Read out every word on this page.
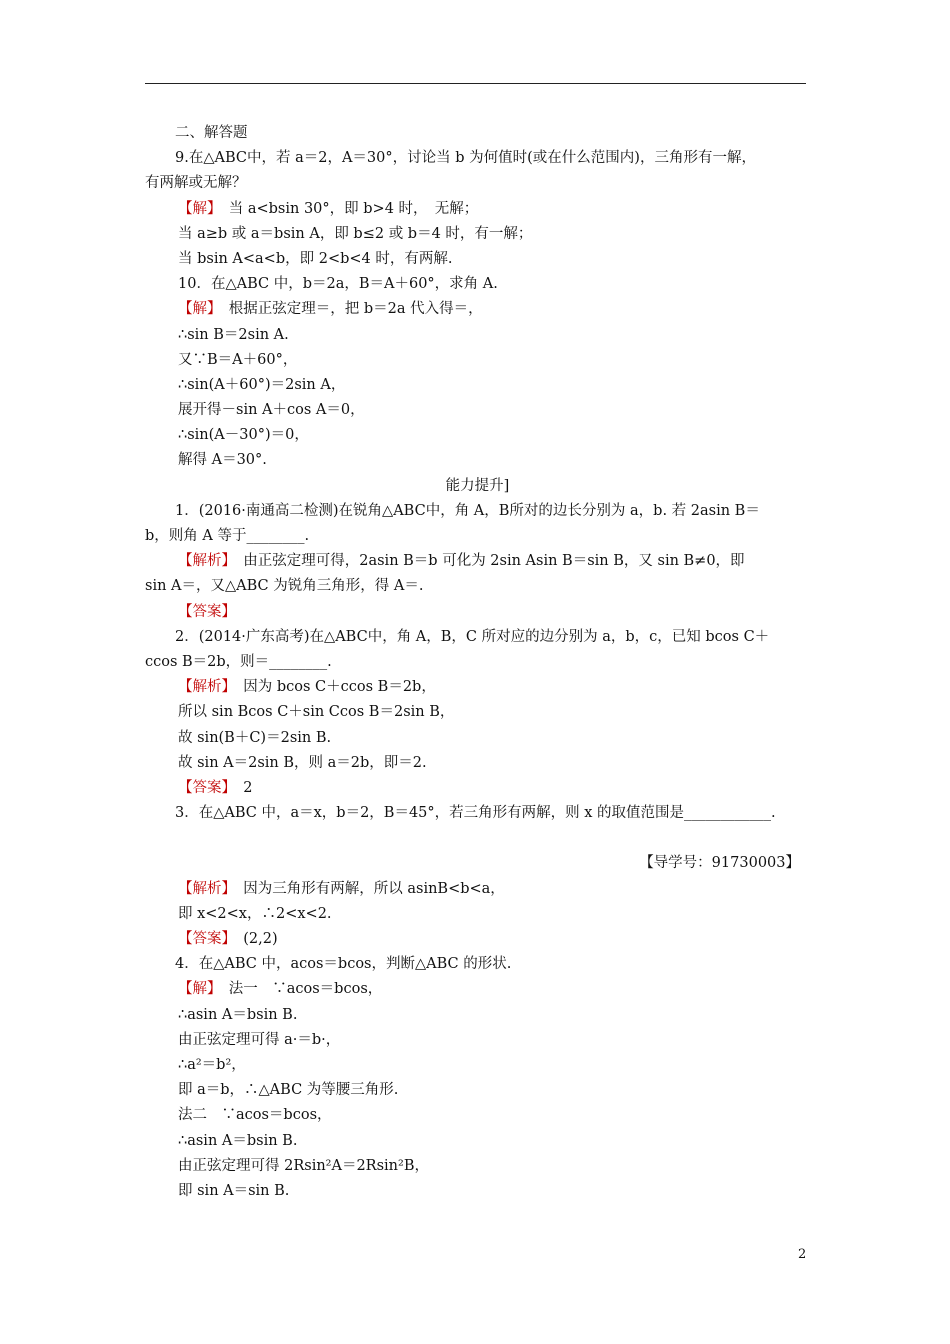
二、解答题
9.在△ABC中，若 a＝2，A＝30°，讨论当 b 为何值时(或在什么范围内)，三角形有一解，
有两解或无解？
【解】　当 a<bsin 30°，即 b>4 时，　无解；
当 a≥b 或 a＝bsin A，即 b≤2 或 b＝4 时，有一解；
当 bsin A<a<b，即 2<b<4 时，有两解.
10．在△ABC 中，b＝2a，B＝A＋60°，求角 A.
【解】　根据正弦定理＝，把 b＝2a 代入得＝，
∴sin B＝2sin A.
又∵B＝A＋60°，
∴sin(A＋60°)＝2sin A，
展开得－sin A＋cos A＝0，
∴sin(A－30°)＝0，
解得 A＝30°.
能力提升]
1．(2016·南通高二检测)在锐角△ABC中，角 A，B所对的边长分别为 a，b. 若 2asin B＝
b，则角 A 等于________.
【解析】　由正弦定理可得，2asin B＝b 可化为 2sin Asin B＝sin B，又 sin B≠0，即
sin A＝，又△ABC 为锐角三角形，得 A＝.
【答案】
2．(2014·广东高考)在△ABC中，角 A，B，C 所对应的边分别为 a，b，c，已知 bcos C＋
ccos B＝2b，则＝________.
【解析】　因为 bcos C＋ccos B＝2b，
所以 sin Bcos C＋sin Ccos B＝2sin B，
故 sin(B＋C)＝2sin B.
故 sin A＝2sin B，则 a＝2b，即＝2.
【答案】　2
3．在△ABC 中，a＝x，b＝2，B＝45°，若三角形有两解，则 x 的取值范围是____________.
【导学号：91730003】
【解析】　因为三角形有两解，所以 asinB<b<a，
即 x<2<x，∴2<x<2.
【答案】　(2,2)
4．在△ABC 中，acos＝bcos，判断△ABC 的形状.
【解】　法一　∵acos＝bcos，
∴asin A＝bsin B.
由正弦定理可得 a·＝b·，
∴a²＝b²，
即 a＝b，∴△ABC 为等腰三角形.
法二　∵acos＝bcos，
∴asin A＝bsin B.
由正弦定理可得 2Rsin²A＝2Rsin²B，
即 sin A＝sin B.
2
